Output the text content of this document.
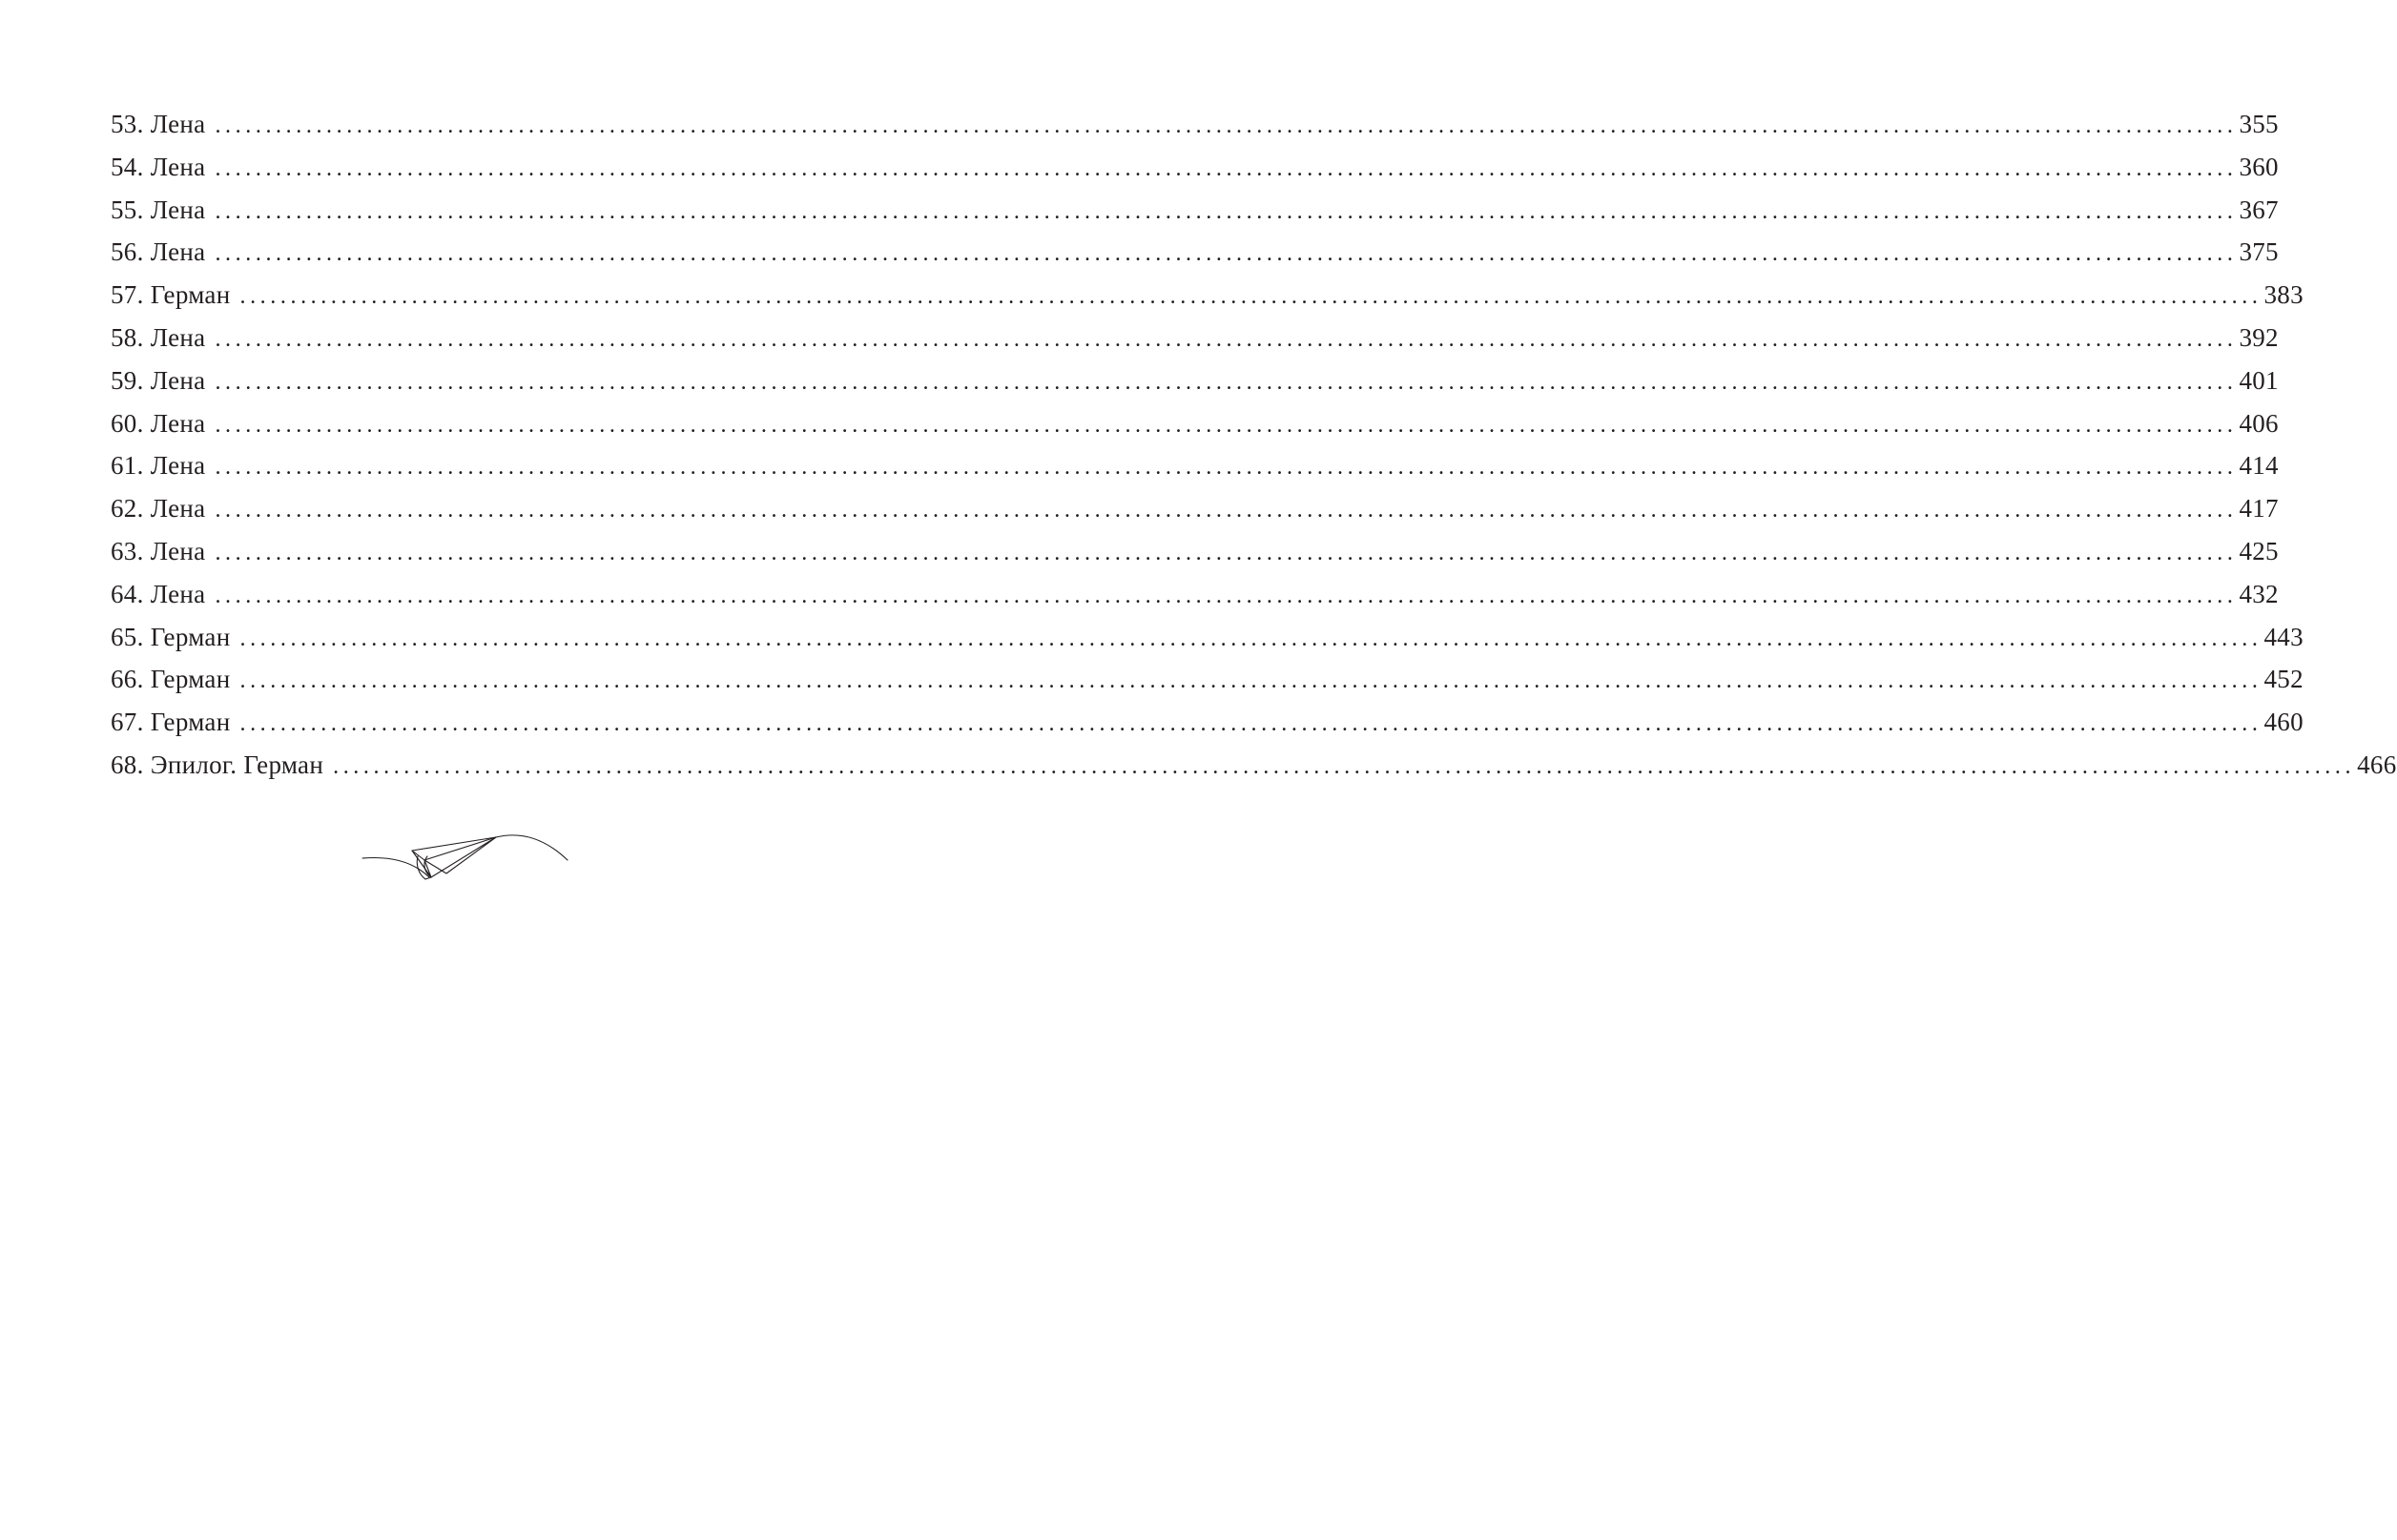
53. Лена ........................................................................................................................................................................................................ 355
54. Лена ........................................................................................................................................................................................................ 360
55. Лена ........................................................................................................................................................................................................ 367
56. Лена ........................................................................................................................................................................................................ 375
57. Герман ........................................................................................................................................................................................................ 383
58. Лена ........................................................................................................................................................................................................ 392
59. Лена ........................................................................................................................................................................................................ 401
60. Лена ........................................................................................................................................................................................................ 406
61. Лена ........................................................................................................................................................................................................ 414
62. Лена ........................................................................................................................................................................................................ 417
63. Лена ........................................................................................................................................................................................................ 425
64. Лена ........................................................................................................................................................................................................ 432
65. Герман ........................................................................................................................................................................................................ 443
66. Герман ........................................................................................................................................................................................................ 452
67. Герман ........................................................................................................................................................................................................ 460
68. Эпилог. Герман ........................................................................................................................................................................................................ 466
